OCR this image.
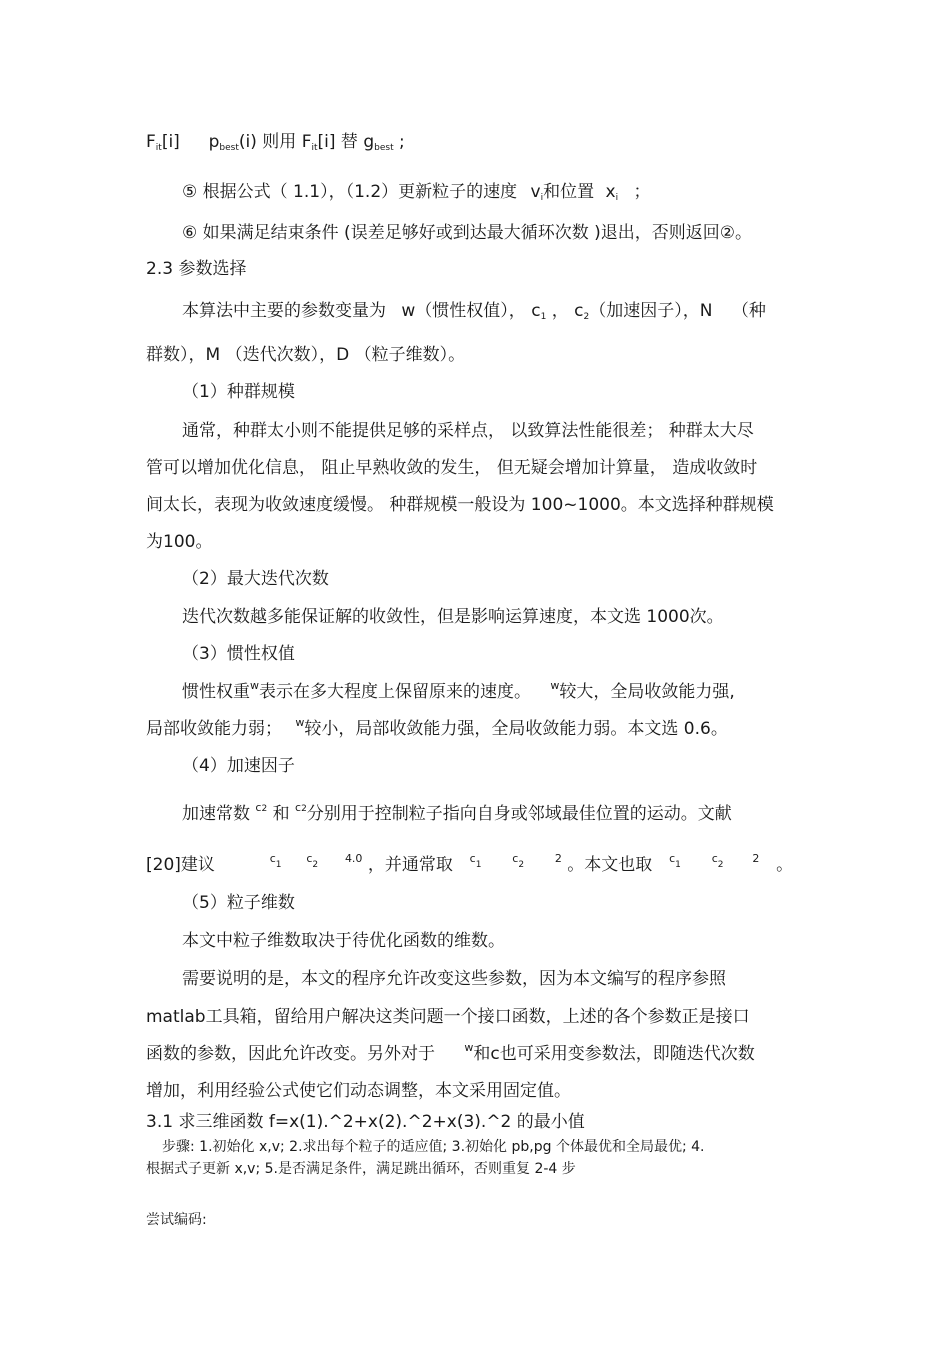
$F_{it}[i]$ $p_{best}(i)$ 则用 $F_{it}[i]$ 替 $g_{best}$ ;
⑤ 根据公式（ 1.1），（1.2）更新粒子的速度 $v_i$和位置 $x_i$ ；
⑥ 如果满足结束条件 (误差足够好或到达最大循环次数 )退出，否则返回②。
2.3 参数选择
本算法中主要的参数变量为 w（惯性权值）， $c_1$ ， $c_2$（加速因子），N （种
群数），M （迭代次数），D （粒子维数）。
（1）种群规模
通常，种群太小则不能提供足够的采样点， 以致算法性能很差； 种群太大尽
管可以增加优化信息， 阻止早熟收敛的发生， 但无疑会增加计算量， 造成收敛时
间太长，表现为收敛速度缓慢。 种群规模一般设为 100~1000。本文选择种群规模
为100。
（2）最大迭代次数
迭代次数越多能保证解的收敛性，但是影响运算速度，本文选 1000次。
（3）惯性权值
惯性权重$^w$表示在多大程度上保留原来的速度。 $^w$较大，全局收敛能力强,
局部收敛能力弱； $^w$较小，局部收敛能力强，全局收敛能力弱。本文选 0.6。
（4）加速因子
加速常数 $^{c2}$ 和 $^{c2}$分别用于控制粒子指向自身或邻域最佳位置的运动。文献
[20]建议	$^c$1 $^c$2 $^{4.0}$ ，并通常取 $^c$1	$^c$2	$^2$ 。本文也取 $^c$1	$^c$2	$^2$ 。
（5）粒子维数
本文中粒子维数取决于待优化函数的维数。
需要说明的是，本文的程序允许改变这些参数，因为本文编写的程序参照
matlab工具箱，留给用户解决这类问题一个接口函数，上述的各个参数正是接口
函数的参数，因此允许改变。另外对于	$^w$和c也可采用变参数法，即随迭代次数
增加，利用经验公式使它们动态调整，本文采用固定值。
3.1 求三维函数 f=x(1).^2+x(2).^2+x(3).^2 的最小值
步骤: 1.初始化 x,v; 2.求出每个粒子的适应值; 3.初始化 pb,pg 个体最优和全局最优; 4.
根据式子更新 x,v; 5.是否满足条件，满足跳出循环，否则重复 2-4 步
尝试编码:
